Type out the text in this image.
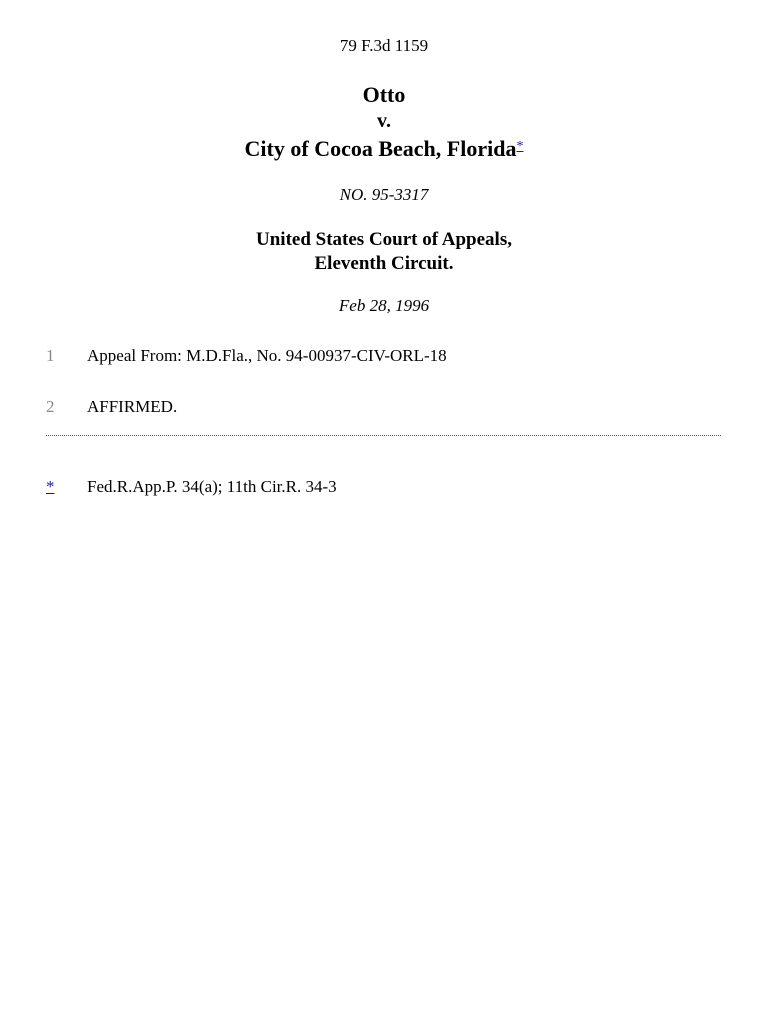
79 F.3d 1159
Otto
v.
City of Cocoa Beach, Florida*
NO. 95-3317
United States Court of Appeals,
Eleventh Circuit.
Feb 28, 1996
1 Appeal From: M.D.Fla., No. 94-00937-CIV-ORL-18
2 AFFIRMED.
* Fed.R.App.P. 34(a); 11th Cir.R. 34-3
